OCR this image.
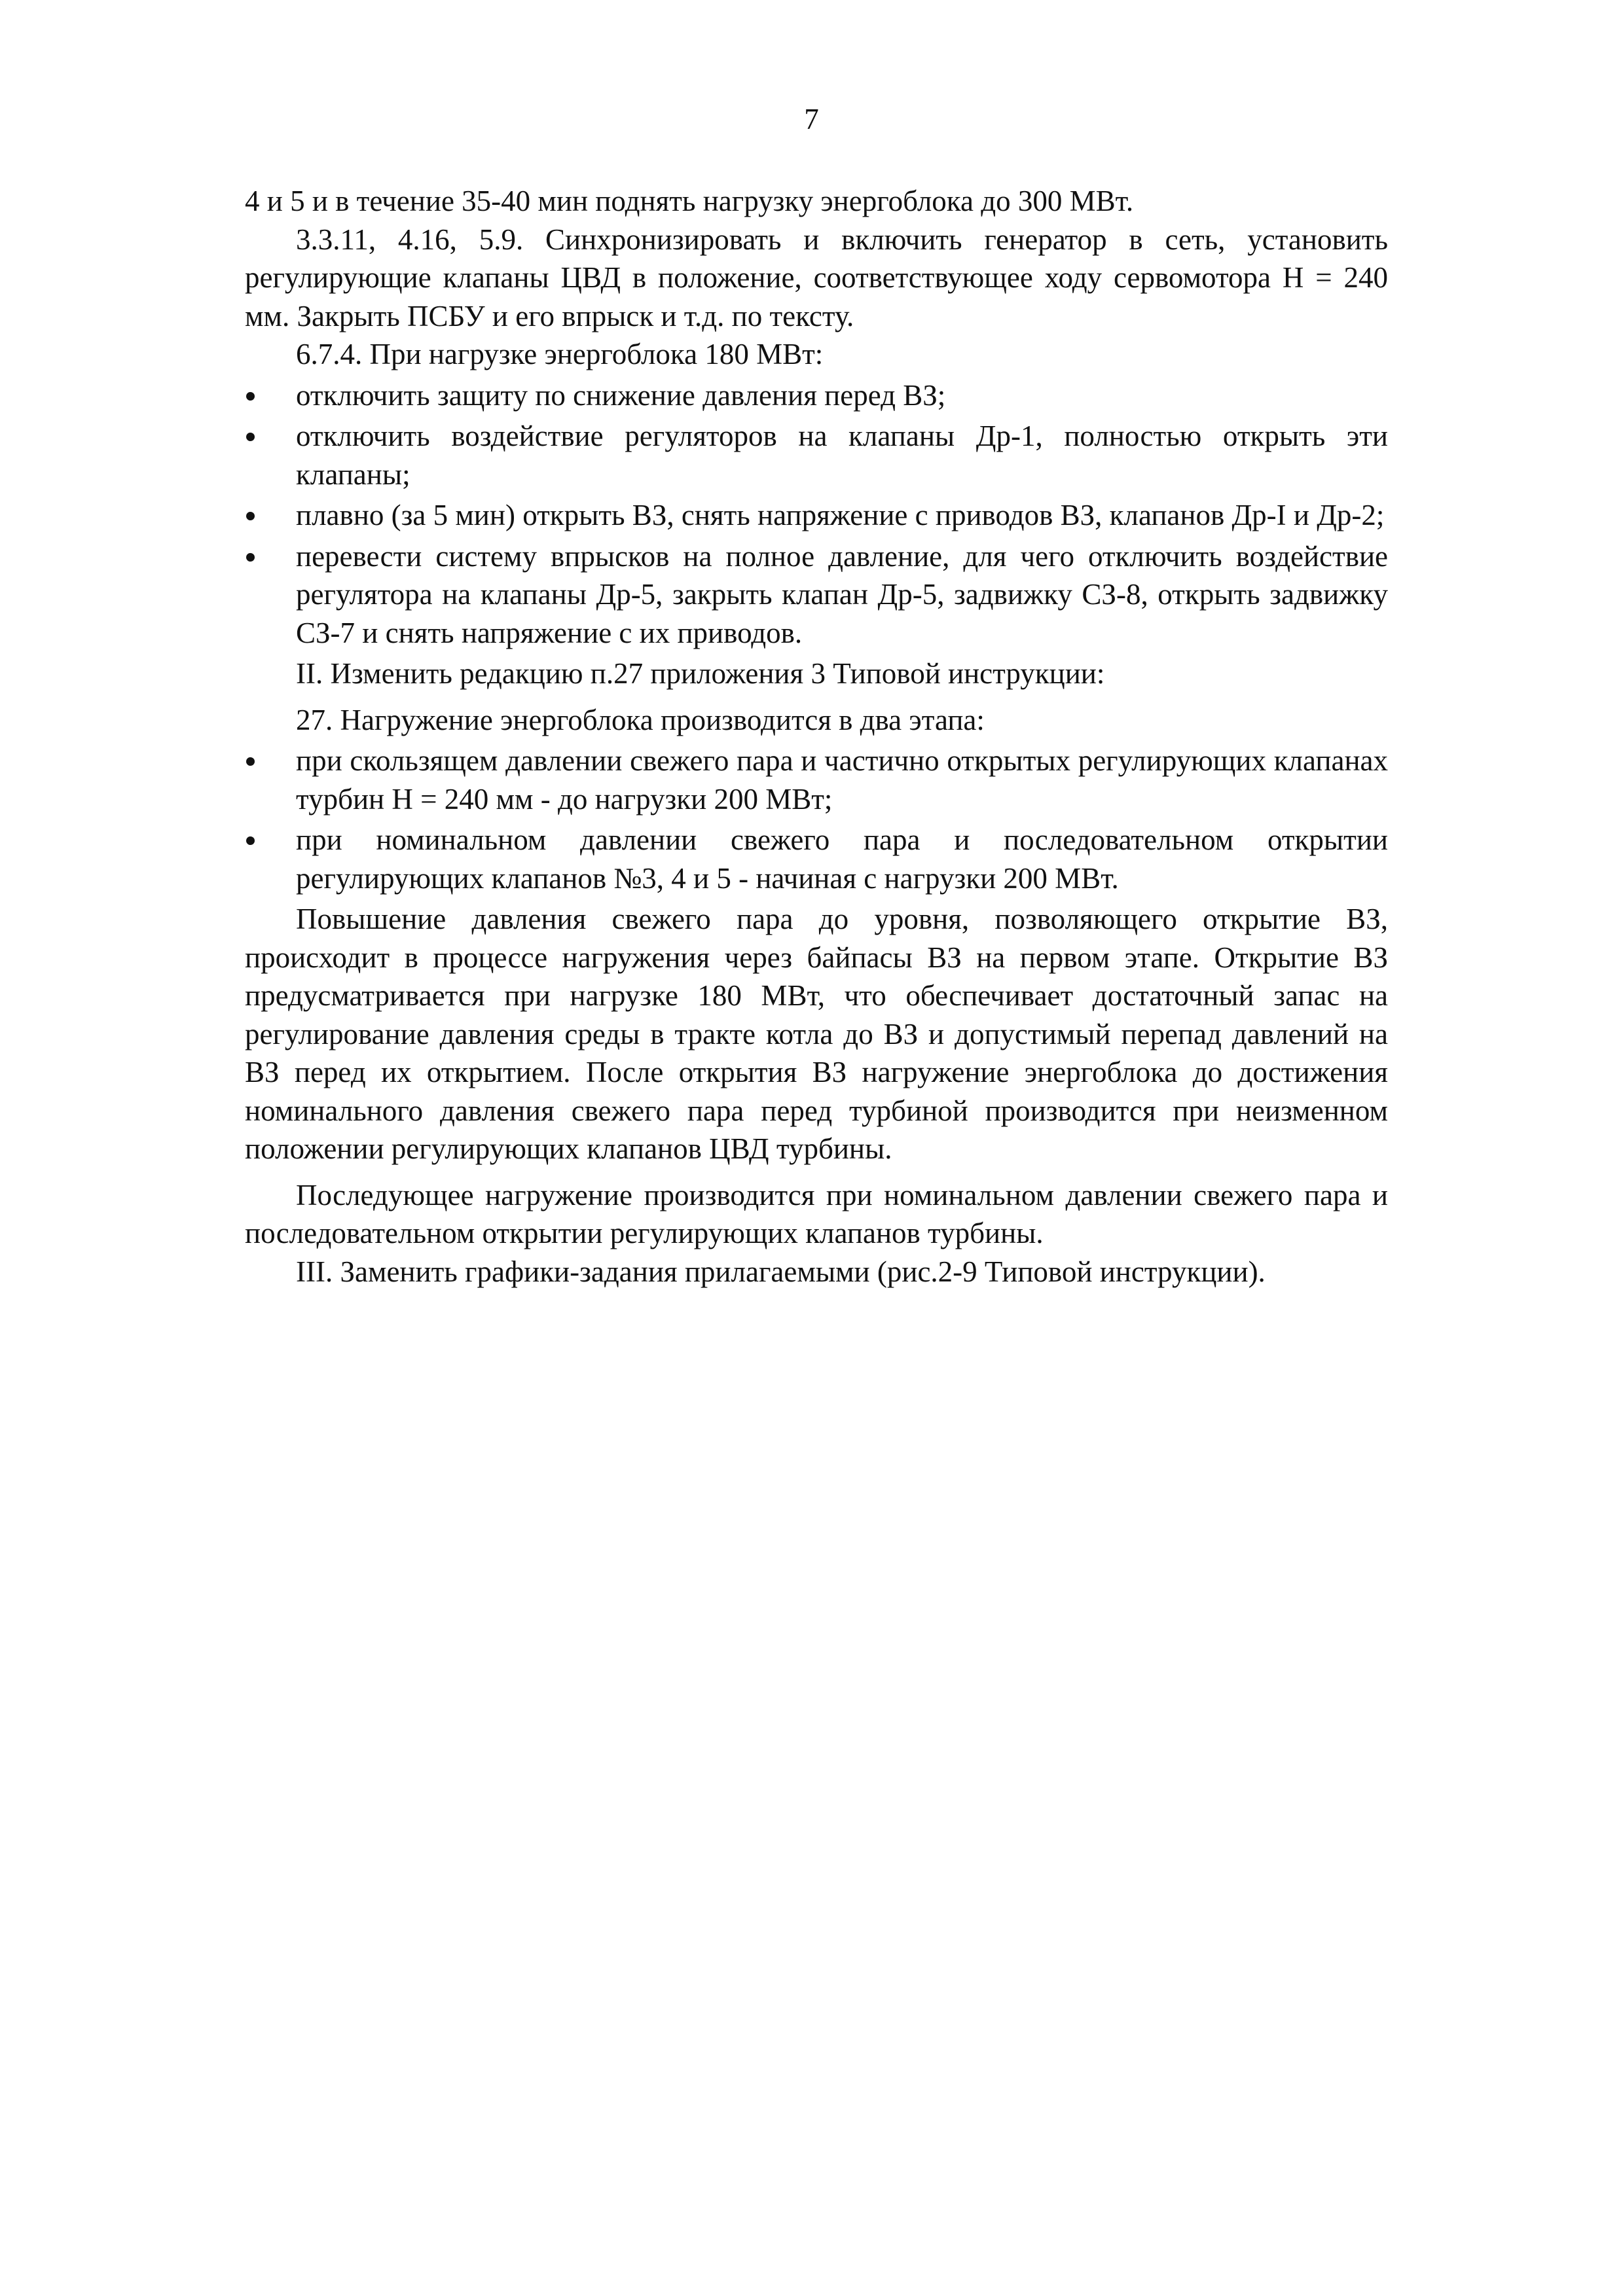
7

4 и 5 и в течение 35-40 мин поднять нагрузку энергоблока до 300 МВт.

3.3.11, 4.16, 5.9. Синхронизировать и включить генератор в сеть, установить регулирующие клапаны ЦВД в положение, соответствующее ходу сервомотора Н = 240 мм. Закрыть ПСБУ и его впрыск и т.д. по тексту.

6.7.4. При нагрузке энергоблока 180 МВт:

отключить защиту по снижение давления перед ВЗ;
отключить воздействие регуляторов на клапаны Др-1, полностью открыть эти клапаны;
плавно (за 5 мин) открыть ВЗ, снять напряжение с приводов ВЗ, клапанов Др-I и Др-2;
перевести систему впрысков на полное давление, для чего отключить воздействие регулятора на клапаны Др-5, закрыть клапан Др-5, задвижку СЗ-8, открыть задвижку СЗ-7 и снять напряжение с их приводов.

II. Изменить редакцию п.27 приложения 3 Типовой инструкции:

27. Нагружение энергоблока производится в два этапа:

при скользящем давлении свежего пара и частично открытых регулирующих клапанах турбин Н = 240 мм - до нагрузки 200 МВт;
при номинальном давлении свежего пара и последовательном открытии регулирующих клапанов №3, 4 и 5 - начиная с нагрузки 200 МВт.

Повышение давления свежего пара до уровня, позволяющего открытие ВЗ, происходит в процессе нагружения через байпасы ВЗ на первом этапе. Открытие ВЗ предусматривается при нагрузке 180 МВт, что обеспечивает достаточный запас на регулирование давления среды в тракте котла до ВЗ и допустимый перепад давлений на ВЗ перед их открытием. После открытия ВЗ нагружение энергоблока до достижения номинального давления свежего пара перед турбиной производится при неизменном положении регулирующих клапанов ЦВД турбины.

Последующее нагружение производится при номинальном давлении свежего пара и последовательном открытии регулирующих клапанов турбины.

III. Заменить графики-задания прилагаемыми (рис.2-9 Типовой инструкции).
